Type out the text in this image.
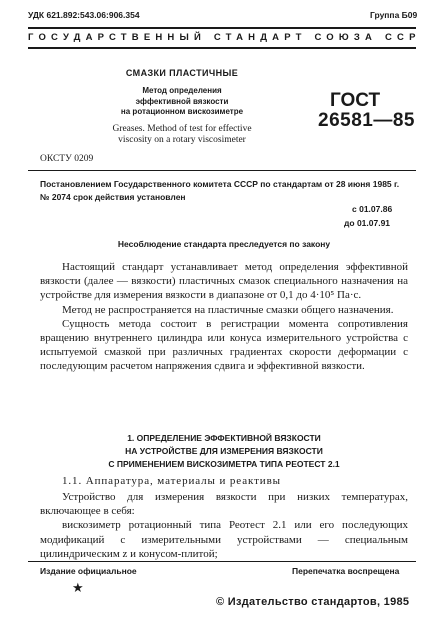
УДК 621.892:543.06:906.354	Группа Б09
ГОСУДАРСТВЕННЫЙ СТАНДАРТ СОЮЗА ССР
СМАЗКИ ПЛАСТИЧНЫЕ
Метод определения
эффективной вязкости
на ротационном вискозиметре
Greases. Method of test for effective
viscosity on a rotary viscosimeter
ГОСТ
26581—85
ОКСТУ 0209
Постановлением Государственного комитета СССР по стандартам от 28 июня 1985 г. № 2074 срок действия установлен
с 01.07.86
до 01.07.91
Несоблюдение стандарта преследуется по закону

Настоящий стандарт устанавливает метод определения эффективной вязкости (далее — вязкости) пластичных смазок специального назначения на устройстве для измерения вязкости в диапазоне от 0,1 до 4·10⁵ Па·с.

Метод не распространяется на пластичные смазки общего назначения.

Сущность метода состоит в регистрации момента сопротивления вращению внутреннего цилиндра или конуса измерительного устройства с испытуемой смазкой при различных градиентах скорости деформации с последующим расчетом напряжения сдвига и эффективной вязкости.

1. ОПРЕДЕЛЕНИЕ ЭФФЕКТИВНОЙ ВЯЗКОСТИ
НА УСТРОЙСТВЕ ДЛЯ ИЗМЕРЕНИЯ ВЯЗКОСТИ
С ПРИМЕНЕНИЕМ ВИСКОЗИМЕТРА ТИПА РЕОТЕСТ 2.1
1.1. Аппаратура, материалы и реактивы

Устройство для измерения вязкости при низких температурах, включающее в себя:

вискозиметр ротационный типа Реотест 2.1 или его последующих модификаций с измерительными устройствами — специальным цилиндрическим z и конусом-плитой;

Издание официальное	Перепечатка воспрещена
★
© Издательство стандартов, 1985
